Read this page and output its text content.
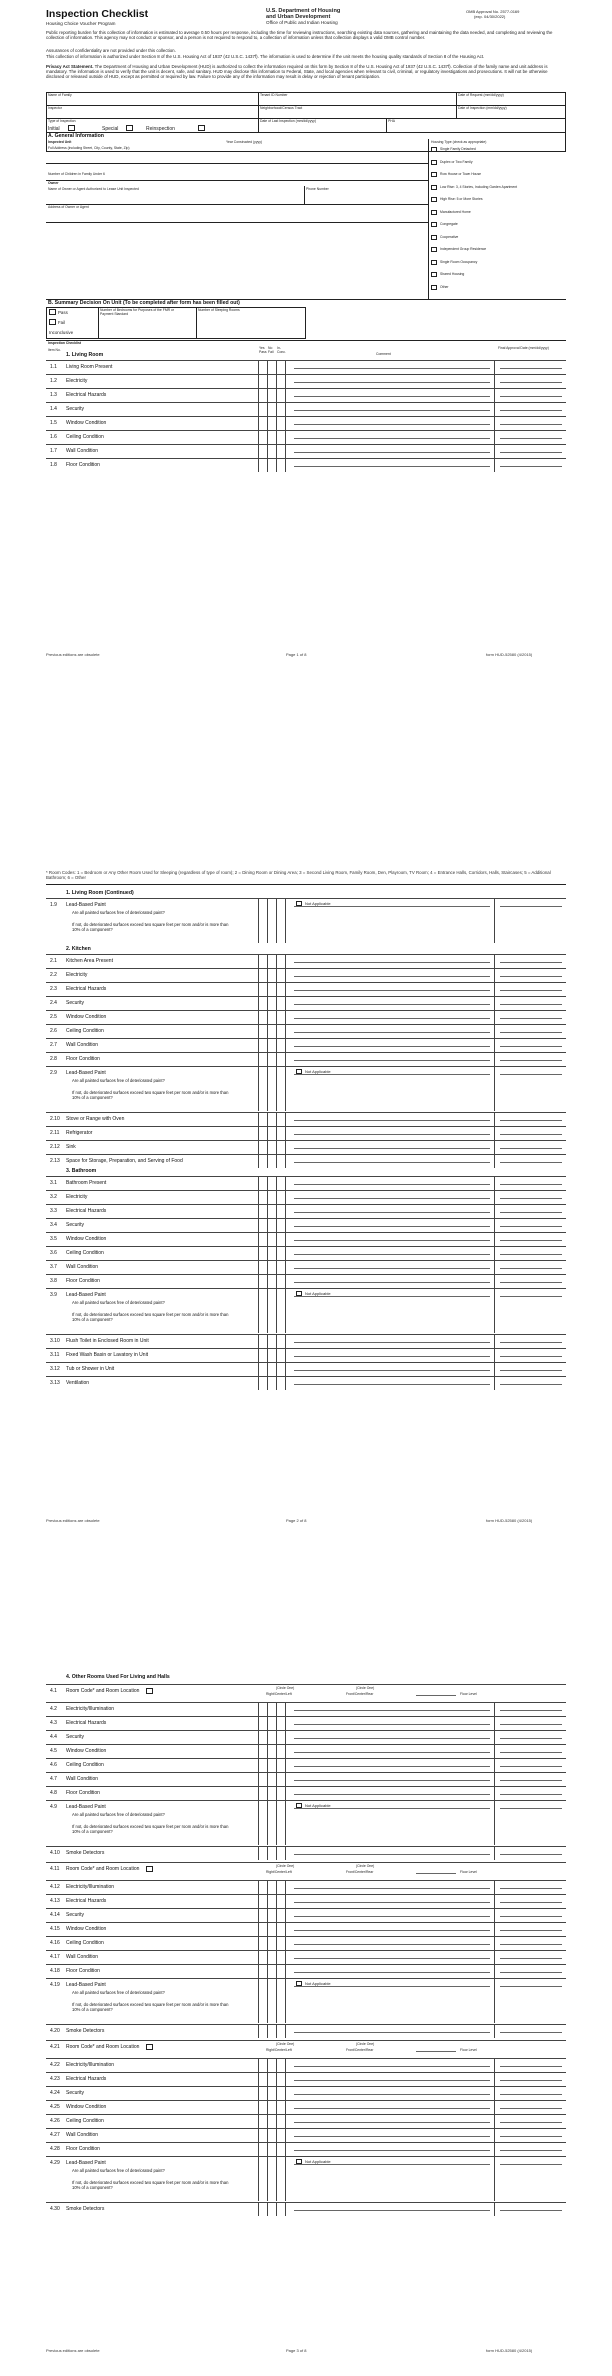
Inspection Checklist
Housing Choice Voucher Program
U.S. Department of Housing
and Urban Development
Office of Public and Indian Housing
OMB Approval No. 2577-0169
(exp. 04/30/2022)
Public reporting burden for this collection of information is estimated to average 0.50 hours per response, including the time for reviewing instructions, searching existing data sources, gathering and maintaining the data needed, and completing and reviewing the collection of information. This agency may not conduct or sponsor, and a person is not required to respond to, a collection of information unless that collection displays a valid OMB control number.
Assurances of confidentiality are not provided under this collection.
This collection of information is authorized under Section 8 of the U.S. Housing Act of 1937 (42 U.S.C. 1437f). The information is used to determine if the unit meets the housing quality standards of Section 8 of the Housing Act.
Privacy Act Statement. The Department of Housing and Urban Development (HUD) is authorized to collect the information required on this form by Section 8 of the U.S. Housing Act of 1937 (42 U.S.C. 1437f). Collection of the family name and unit address is mandatory. The information is used to verify that the unit is decent, safe, and sanitary. HUD may disclose this information to Federal, State, and local agencies when relevant to civil, criminal, or regulatory investigations and prosecutions. It will not be otherwise disclosed or released outside of HUD, except as permitted or required by law. Failure to provide any of the information may result in delay or rejection of tenant participation.
Name of Family	Tenant ID Number	Date of Request (mm/dd/yyyy)
Inspector	Neighborhood/Census Tract	Date of Inspection (mm/dd/yyyy)
Type of Inspection
Initial	Special	Reinspection
Date of Last Inspection (mm/dd/yyyy)	PHA
A. General Information
Inspected Unit	Year Constructed (yyyy)
Full Address (including Street, City, County, State, Zip)
Housing Type (check as appropriate)
Single Family Detached
Duplex or Two Family
Row House or Town House
Low Rise: 3, 4 Stories, Including Garden Apartment
High Rise: 5 or More Stories
Manufactured Home
Congregate
Cooperative
Independent Group Residence
Single Room Occupancy
Shared Housing
Other
Number of Children in Family Under 6
Owner
Name of Owner or Agent Authorized to Lease Unit Inspected	Phone Number
Address of Owner or Agent
B. Summary Decision On Unit (To be completed after form has been filled out)
Pass
Fail
Inconclusive
Number of Bedrooms for Purposes of the FMR or Payment Standard
Number of Sleeping Rooms
Inspection Checklist
Item No.	Yes Pass
No Fail
In- Conc.	Comment
Final Approval Date (mm/dd/yyyy)
1. Living Room
1.1 Living Room Present
1.2 Electricity
1.3 Electrical Hazards
1.4 Security
1.5 Window Condition
1.6 Ceiling Condition
1.7 Wall Condition
1.8 Floor Condition
Previous editions are obsolete	Page 1 of 8	form HUD-52580 (4/2015)
* Room Codes: 1 = Bedroom or Any Other Room Used for Sleeping (regardless of type of room); 2 = Dining Room or Dining Area; 3 = Second Living Room, Family Room, Den, Playroom, TV Room; 4 = Entrance Halls, Corridors, Halls, Staircases; 5 = Additional Bathroom; 6 = Other
1. Living Room (Continued)
1.9 Lead-Based Paint
Are all painted surfaces free of deteriorated paint?
If not, do deteriorated surfaces exceed two square feet per room and/or is more than 10% of a component?
Not Applicable
2. Kitchen
2.1 Kitchen Area Present
2.2 Electricity
2.3 Electrical Hazards
2.4 Security
2.5 Window Condition
2.6 Ceiling Condition
2.7 Wall Condition
2.8 Floor Condition
2.9 Lead-Based Paint
Are all painted surfaces free of deteriorated paint?
If not, do deteriorated surfaces exceed two square feet per room and/or is more than 10% of a component?
Not Applicable
2.10 Stove or Range with Oven
2.11 Refrigerator
2.12 Sink
2.13 Space for Storage, Preparation, and Serving of Food
3. Bathroom
3.1 Bathroom Present
3.2 Electricity
3.3 Electrical Hazards
3.4 Security
3.5 Window Condition
3.6 Ceiling Condition
3.7 Wall Condition
3.8 Floor Condition
3.9 Lead-Based Paint
Are all painted surfaces free of deteriorated paint?
If not, do deteriorated surfaces exceed two square feet per room and/or is more than 10% of a component?
Not Applicable
3.10 Flush Toilet in Enclosed Room in Unit
3.11 Fixed Wash Basin or Lavatory in Unit
3.12 Tub or Shower in Unit
3.13 Ventilation
Previous editions are obsolete	Page 2 of 8	form HUD-52580 (4/2015)
4. Other Rooms Used For Living and Halls
4.1 Room Code* and Room Location	(Circle One)
Right/Center/Left
(Circle One)
Front/Center/Rear	Floor Level
4.2 Electricity/Illumination
4.3 Electrical Hazards
4.4 Security
4.5 Window Condition
4.6 Ceiling Condition
4.7 Wall Condition
4.8 Floor Condition
4.9 Lead-Based Paint
Are all painted surfaces free of deteriorated paint?
If not, do deteriorated surfaces exceed two square feet per room and/or is more than 10% of a component?
Not Applicable
4.10 Smoke Detectors
4.11 Room Code* and Room Location	(Circle One)
Right/Center/Left
(Circle One)
Front/Center/Rear	Floor Level
4.12 Electricity/Illumination
4.13 Electrical Hazards
4.14 Security
4.15 Window Condition
4.16 Ceiling Condition
4.17 Wall Condition
4.18 Floor Condition
4.19 Lead-Based Paint
Are all painted surfaces free of deteriorated paint?
If not, do deteriorated surfaces exceed two square feet per room and/or is more than 10% of a component?
Not Applicable
4.20 Smoke Detectors
4.21 Room Code* and Room Location	(Circle One)
Right/Center/Left
(Circle One)
Front/Center/Rear	Floor Level
4.22 Electricity/Illumination
4.23 Electrical Hazards
4.24 Security
4.25 Window Condition
4.26 Ceiling Condition
4.27 Wall Condition
4.28 Floor Condition
4.29 Lead-Based Paint
Are all painted surfaces free of deteriorated paint?
If not, do deteriorated surfaces exceed two square feet per room and/or is more than 10% of a component?
Not Applicable
4.30 Smoke Detectors
Previous editions are obsolete	Page 3 of 8	form HUD-52580 (4/2015)
